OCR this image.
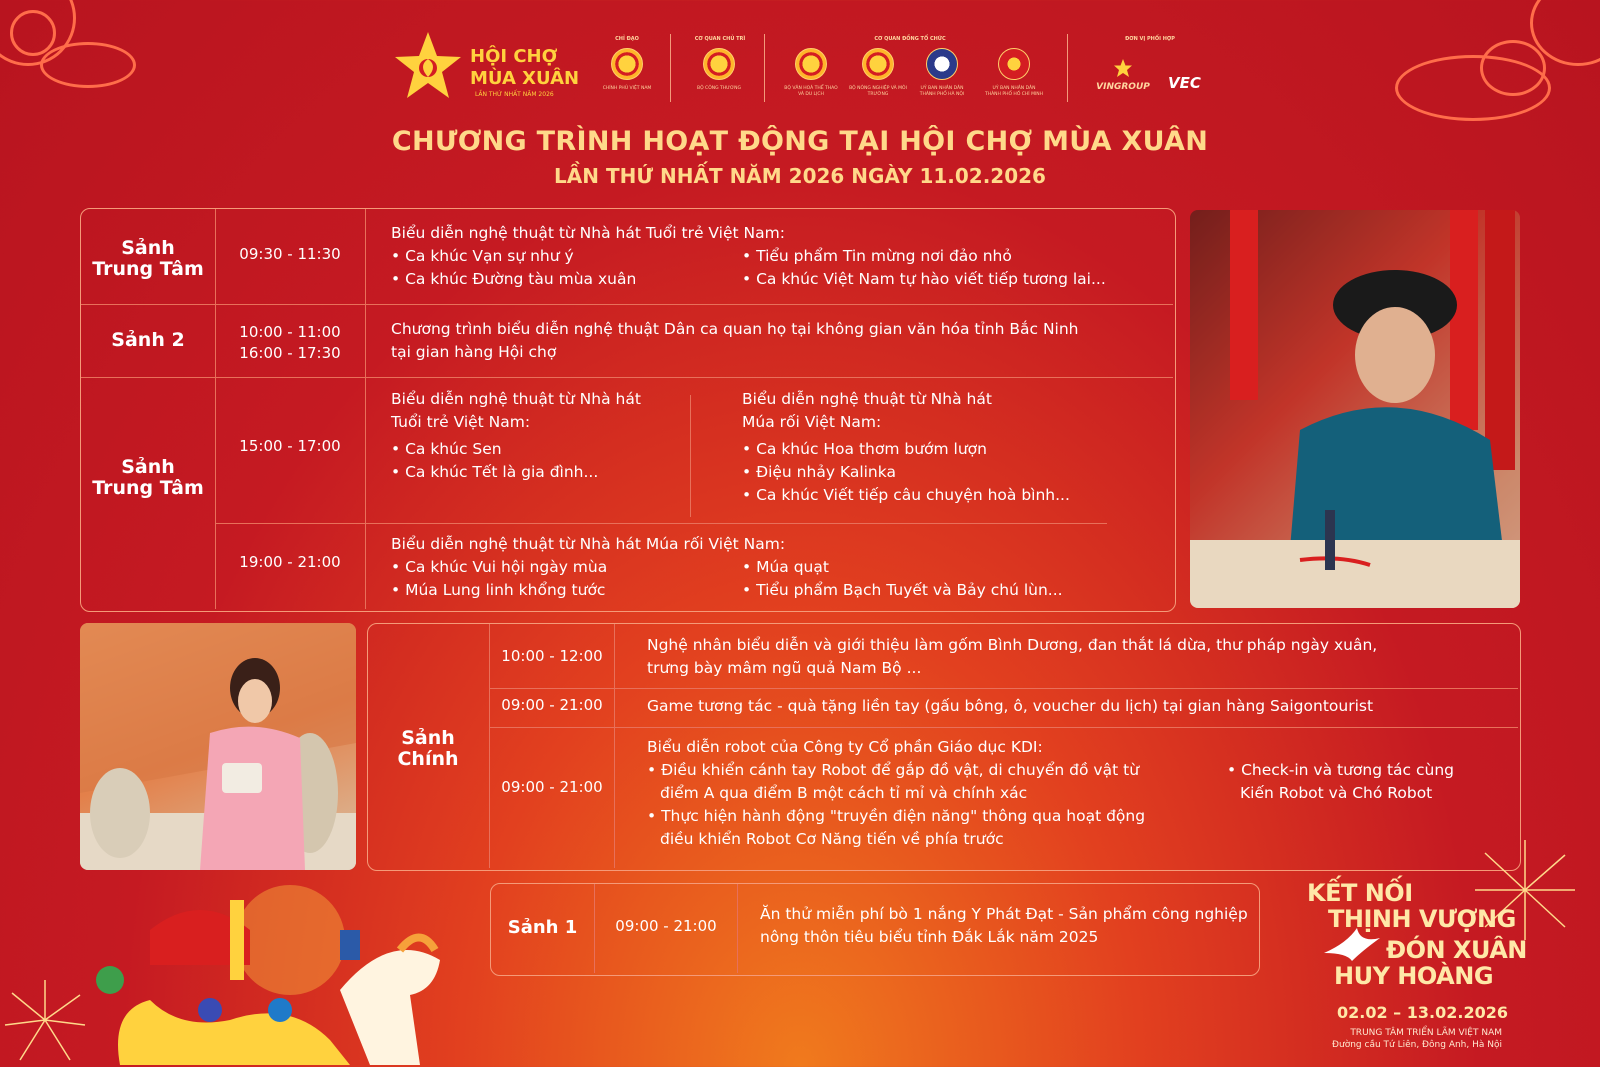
HỘI CHỢ
MÙA XUÂN
LẦN THỨ NHẤT NĂM 2026
CHỈ ĐẠO
CHÍNH PHỦ VIỆT NAM
CƠ QUAN CHỦ TRÌ
BỘ CÔNG THƯƠNG
CƠ QUAN ĐỒNG TỔ CHỨC
BỘ VĂN HOÁ THỂ THAO VÀ DU LỊCH
BỘ NÔNG NGHIỆP VÀ MÔI TRƯỜNG
UỶ BAN NHÂN DÂN THÀNH PHỐ HÀ NỘI
UỶ BAN NHÂN DÂN THÀNH PHỐ HỒ CHÍ MINH
ĐƠN VỊ PHỐI HỢP
VINGROUP VEC
CHƯƠNG TRÌNH HOẠT ĐỘNG TẠI HỘI CHỢ MÙA XUÂN
LẦN THỨ NHẤT NĂM 2026 NGÀY 11.02.2026
Sảnh
Trung Tâm
09:30 - 11:30
Biểu diễn nghệ thuật từ Nhà hát Tuổi trẻ Việt Nam:
• Ca khúc Vạn sự như ý
• Ca khúc Đường tàu mùa xuân
• Tiểu phẩm Tin mừng nơi đảo nhỏ
• Ca khúc Việt Nam tự hào viết tiếp tương lai...
Sảnh 2	10:00 - 11:00
16:00 - 17:30
Chương trình biểu diễn nghệ thuật Dân ca quan họ tại không gian văn hóa tỉnh Bắc Ninh
tại gian hàng Hội chợ
Sảnh
Trung Tâm
15:00 - 17:00
Biểu diễn nghệ thuật từ Nhà hát
Tuổi trẻ Việt Nam:
• Ca khúc Sen
• Ca khúc Tết là gia đình...
Biểu diễn nghệ thuật từ Nhà hát
Múa rối Việt Nam:
• Ca khúc Hoa thơm bướm lượn
• Điệu nhảy Kalinka
• Ca khúc Viết tiếp câu chuyện hoà bình...
19:00 - 21:00
Biểu diễn nghệ thuật từ Nhà hát Múa rối Việt Nam:
• Ca khúc Vui hội ngày mùa
• Múa Lung linh khổng tước
• Múa quạt
• Tiểu phẩm Bạch Tuyết và Bảy chú lùn...
Sảnh Chính
10:00 - 12:00
Nghệ nhân biểu diễn và giới thiệu làm gốm Bình Dương, đan thắt lá dừa, thư pháp ngày xuân,
trưng bày mâm ngũ quả Nam Bộ ...
09:00 - 21:00	Game tương tác - quà tặng liền tay (gấu bông, ô, voucher du lịch) tại gian hàng Saigontourist
09:00 - 21:00
Biểu diễn robot của Công ty Cổ phần Giáo dục KDI:
• Điều khiển cánh tay Robot để gắp đồ vật, di chuyển đồ vật từ
điểm A qua điểm B một cách tỉ mỉ và chính xác
• Thực hiện hành động "truyền điện năng" thông qua hoạt động
điều khiển Robot Cơ Năng tiến về phía trước
• Check-in và tương tác cùng
Kiến Robot và Chó Robot
Sảnh 1	09:00 - 21:00
Ăn thử miễn phí bò 1 nắng Y Phát Đạt - Sản phẩm công nghiệp
nông thôn tiêu biểu tỉnh Đắk Lắk năm 2025
KẾT NỐI
THỊNH VƯỢNG
ĐÓN XUÂN
HUY HOÀNG
02.02 – 13.02.2026
TRUNG TÂM TRIỂN LÃM VIỆT NAM
Đường cầu Tứ Liên, Đông Anh, Hà Nội
